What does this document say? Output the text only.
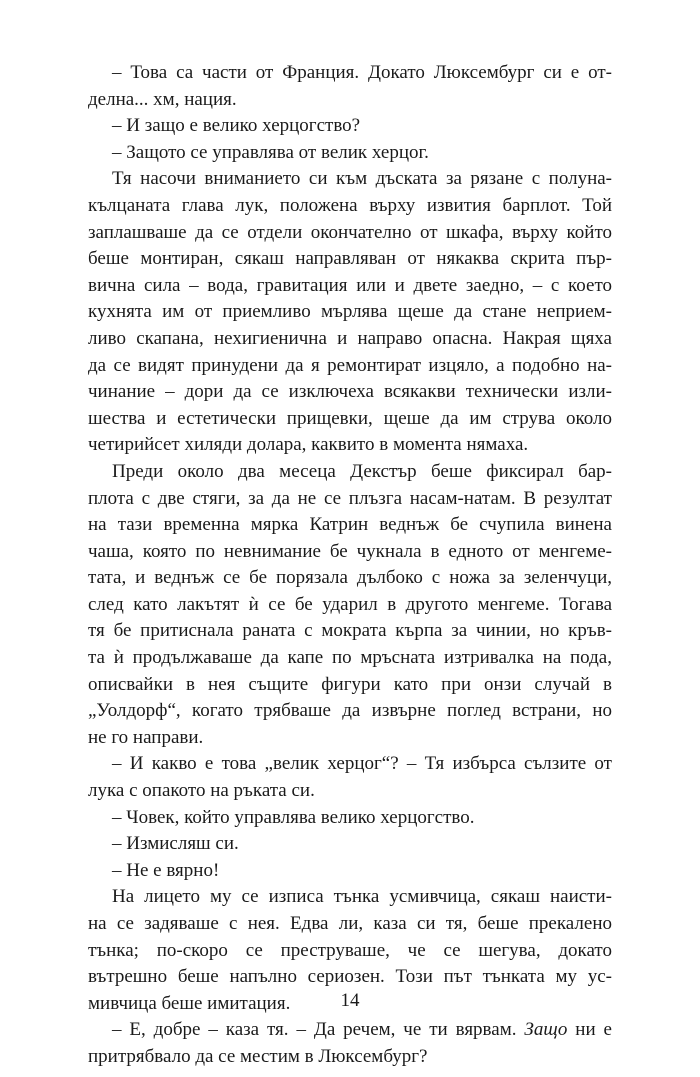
– Това са части от Франция. Докато Люксембург си е от-
делна... хм, нация.
– И защо е велико херцогство?
– Защото се управлява от велик херцог.
Тя насочи вниманието си към дъската за рязане с полуна-
кълцаната глава лук, положена върху извития барплот. Той
заплашваше да се отдели окончателно от шкафа, върху който
беше монтиран, сякаш направляван от някаква скрита пър-
вична сила – вода, гравитация или и двете заедно, – с което
кухнята им от приемливо мърлява щеше да стане неприем-
ливо скапана, нехигиенична и направо опасна. Накрая щяха
да се видят принудени да я ремонтират изцяло, а подобно на-
чинание – дори да се изключеха всякакви технически изли-
шества и естетически прищевки, щеше да им струва около
четирийсет хиляди долара, каквито в момента нямаха.
Преди около два месеца Декстър беше фиксирал бар-
плота с две стяги, за да не се плъзга насам-натам. В резултат
на тази временна мярка Катрин веднъж бе счупила винена
чаша, която по невнимание бе чукнала в едното от менгеме-
тата, и веднъж се бе порязала дълбоко с ножа за зеленчуци,
след като лакътят ѝ се бе ударил в другото менгеме. Тогава
тя бе притиснала раната с мократа кърпа за чинии, но кръв-
та ѝ продължаваше да капе по мръсната изтривалка на пода,
описвайки в нея същите фигури като при онзи случай в
„Уолдорф“, когато трябваше да извърне поглед встрани, но
не го направи.
– И какво е това „велик херцог“? – Тя избърса сълзите от
лука с опакото на ръката си.
– Човек, който управлява велико херцогство.
– Измисляш си.
– Не е вярно!
На лицето му се изписа тънка усмивчица, сякаш наисти-
на се задяваше с нея. Едва ли, каза си тя, беше прекалено
тънка; по-скоро се преструваше, че се шегува, докато
вътрешно беше напълно сериозен. Този път тънката му ус-
мивчица беше имитация.
– Е, добре – каза тя. – Да речем, че ти вярвам. Защо ни е
притрябвало да се местим в Люксембург?
14
